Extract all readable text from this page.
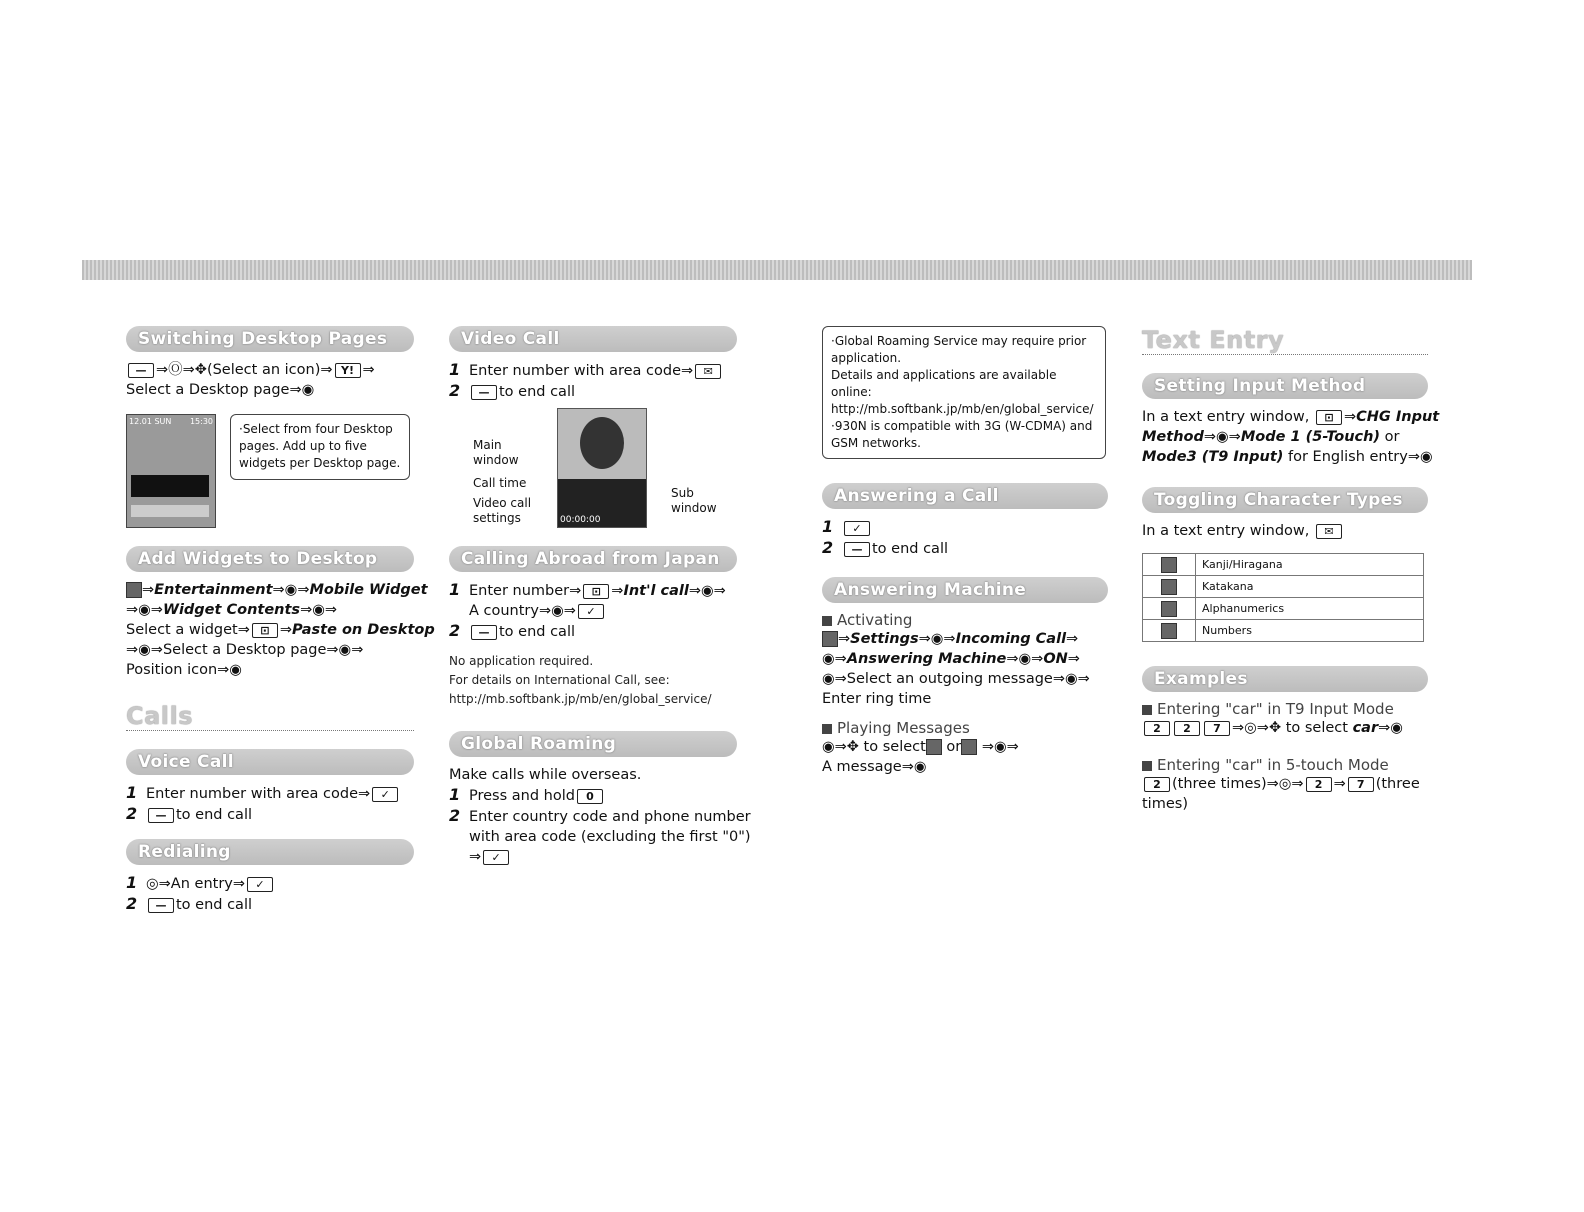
Switching Desktop Pages
— ⇒Ⓞ⇒✥(Select an icon)⇒ Y! ⇒
Select a Desktop page⇒◉
12.01 SUN 15:30
·Select from four Desktop pages. Add up to five widgets per Desktop page.
Add Widgets to Desktop
⇒Entertainment⇒◉⇒Mobile Widget
⇒◉⇒Widget Contents⇒◉⇒
Select a widget⇒ ⊡ ⇒Paste on Desktop
⇒◉⇒Select a Desktop page⇒◉⇒
Position icon⇒◉
Calls
Voice Call
1 Enter number with area code⇒ ✓
2 — to end call
Redialing
1 ◎⇒An entry⇒ ✓
2 — to end call
Video Call
1 Enter number with area code⇒ ✉
2 — to end call
00:00:00
Main window
Call time
Video call settings
Sub window
Calling Abroad from Japan
1 Enter number⇒ ⊡ ⇒Int'l call⇒◉⇒
A country⇒◉⇒ ✓
2 — to end call
No application required.
For details on International Call, see:
http://mb.softbank.jp/mb/en/global_service/
Global Roaming
Make calls while overseas.
1 Press and hold 0
2 Enter country code and phone number
with area code (excluding the first "0")
⇒ ✓
·Global Roaming Service may require prior application.
Details and applications are available online:
http://mb.softbank.jp/mb/en/global_service/
·930N is compatible with 3G (W-CDMA) and GSM networks.
Answering a Call
1 ✓
2 — to end call
Answering Machine
Activating
⇒Settings⇒◉⇒Incoming Call⇒
◉⇒Answering Machine⇒◉⇒ON⇒
◉⇒Select an outgoing message⇒◉⇒
Enter ring time
Playing Messages
◉⇒✥ to select or ⇒◉⇒
A message⇒◉
Text Entry
Setting Input Method
In a text entry window, ⊡ ⇒CHG Input
Method⇒◉⇒Mode 1 (5-Touch) or
Mode3 (T9 Input) for English entry⇒◉
Toggling Character Types
In a text entry window, ✉
	Kanji/Hiragana
	Katakana
	Alphanumerics
	Numbers
Examples
Entering "car" in T9 Input Mode
2 2 7 ⇒◎⇒✥ to select car⇒◉
Entering "car" in 5-touch Mode
2 (three times)⇒◎⇒ 2 ⇒ 7 (three
times)
